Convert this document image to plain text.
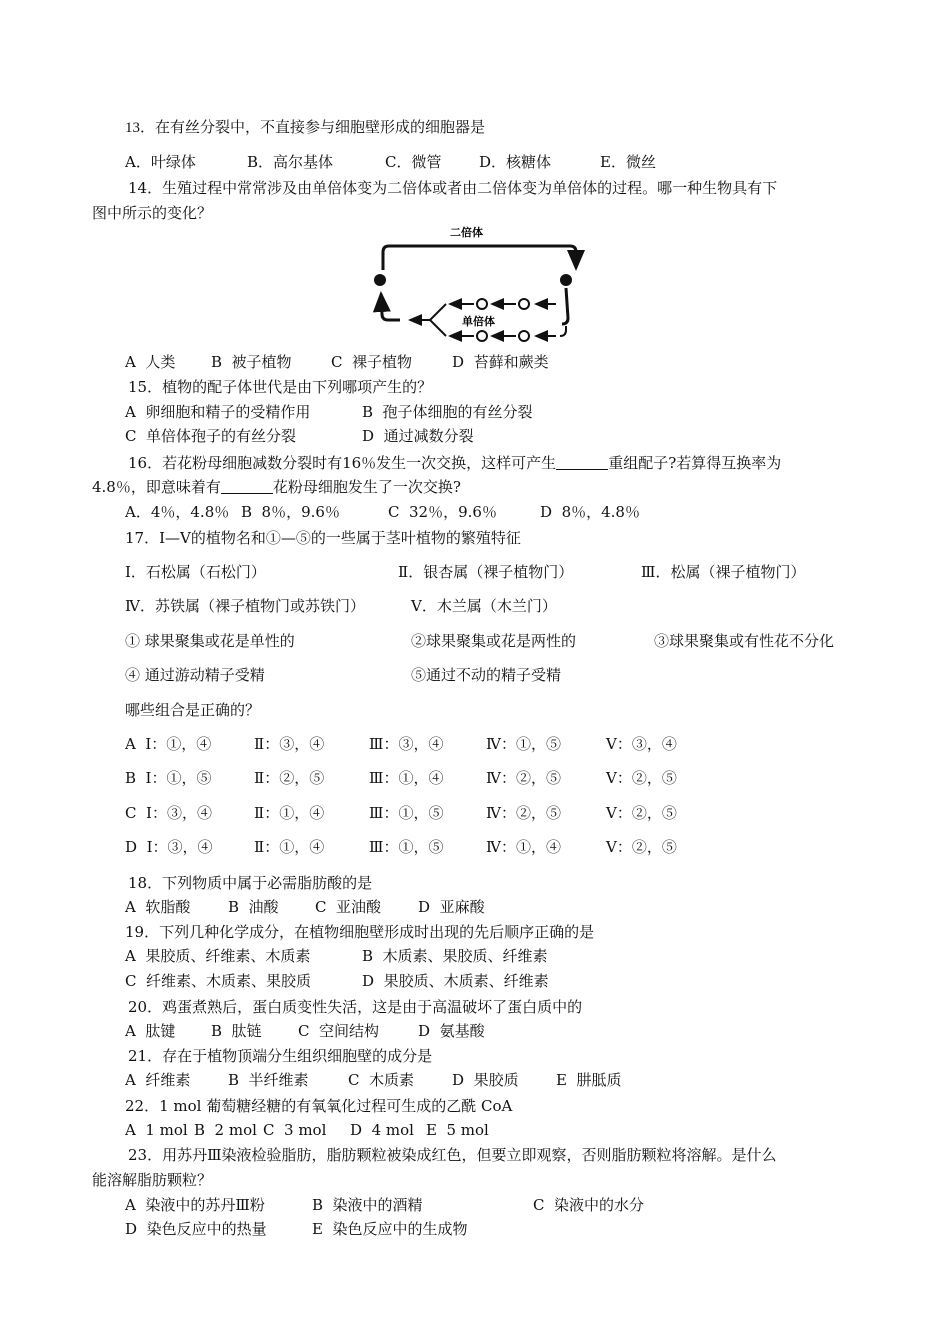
13．在有丝分裂中，不直接参与细胞壁形成的细胞器是
A．叶绿体	B．高尔基体	C．微管	D．核糖体	E．微丝
14．生殖过程中常常涉及由单倍体变为二倍体或者由二倍体变为单倍体的过程。哪一种生物具有下
图中所示的变化？
二倍体
单倍体
A  人类 B  被子植物	C  裸子植物	D  苔藓和蕨类
15．植物的配子体世代是由下列哪项产生的？
A  卵细胞和精子的受精作用	B  孢子体细胞的有丝分裂
C  单倍体孢子的有丝分裂	D  通过减数分裂
16．若花粉母细胞减数分裂时有16％发生一次交换，这样可产生	重组配子?若算得互换率为
4.8％，即意味着有	花粉母细胞发生了一次交换?
A．4％，4.8％ B  8％，9.6％	C  32％，9.6％	D  8％，4.8％
17．Ⅰ—Ⅴ的植物名和①—⑤的一些属于茎叶植物的繁殖特征
I．石松属（石松门）	Ⅱ．银杏属（裸子植物门）	Ⅲ．松属（裸子植物门）
Ⅳ．苏铁属（裸子植物门或苏铁门）	Ⅴ．木兰属（木兰门）
① 球果聚集或花是单性的	②球果聚集或花是两性的	③球果聚集或有性花不分化
④ 通过游动精子受精	⑤通过不动的精子受精
哪些组合是正确的？
A  I：①，④	Ⅱ：③，④	Ⅲ：③，④	Ⅳ：①，⑤	Ⅴ：③，④
B  I：①，⑤	Ⅱ：②，⑤	Ⅲ：①，④	Ⅳ：②，⑤	Ⅴ：②，⑤
C  I：③，④	Ⅱ：①，④	Ⅲ：①，⑤	Ⅳ：②，⑤	Ⅴ：②，⑤
D  I：③，④	Ⅱ：①，④	Ⅲ：①，⑤	Ⅳ：①，④	Ⅴ：②，⑤
18．下列物质中属于必需脂肪酸的是
A  软脂酸	B  油酸 C  亚油酸 D  亚麻酸
19．下列几种化学成分，在植物细胞壁形成时出现的先后顺序正确的是
A  果胶质、纤维素、木质素	B  木质素、果胶质、纤维素
C  纤维素、木质素、果胶质	D  果胶质、木质素、纤维素
20．鸡蛋煮熟后，蛋白质变性失活，这是由于高温破坏了蛋白质中的
A  肽键 B  肽链 C  空间结构	D  氨基酸
21．存在于植物顶端分生组织细胞壁的成分是
A  纤维素	B  半纤维素	C  木质素	D  果胶质 E  肼胝质
22．1 mol 葡萄糖经糖的有氧氧化过程可生成的乙酰 CoA
A  1 mol B  2 mol C  3 mol D  4 mol E  5 mol
23．用苏丹Ⅲ染液检验脂肪，脂肪颗粒被染成红色，但要立即观察，否则脂肪颗粒将溶解。是什么
能溶解脂肪颗粒？
A  染液中的苏丹Ⅲ粉	B  染液中的酒精	C  染液中的水分
D  染色反应中的热量	E  染色反应中的生成物
